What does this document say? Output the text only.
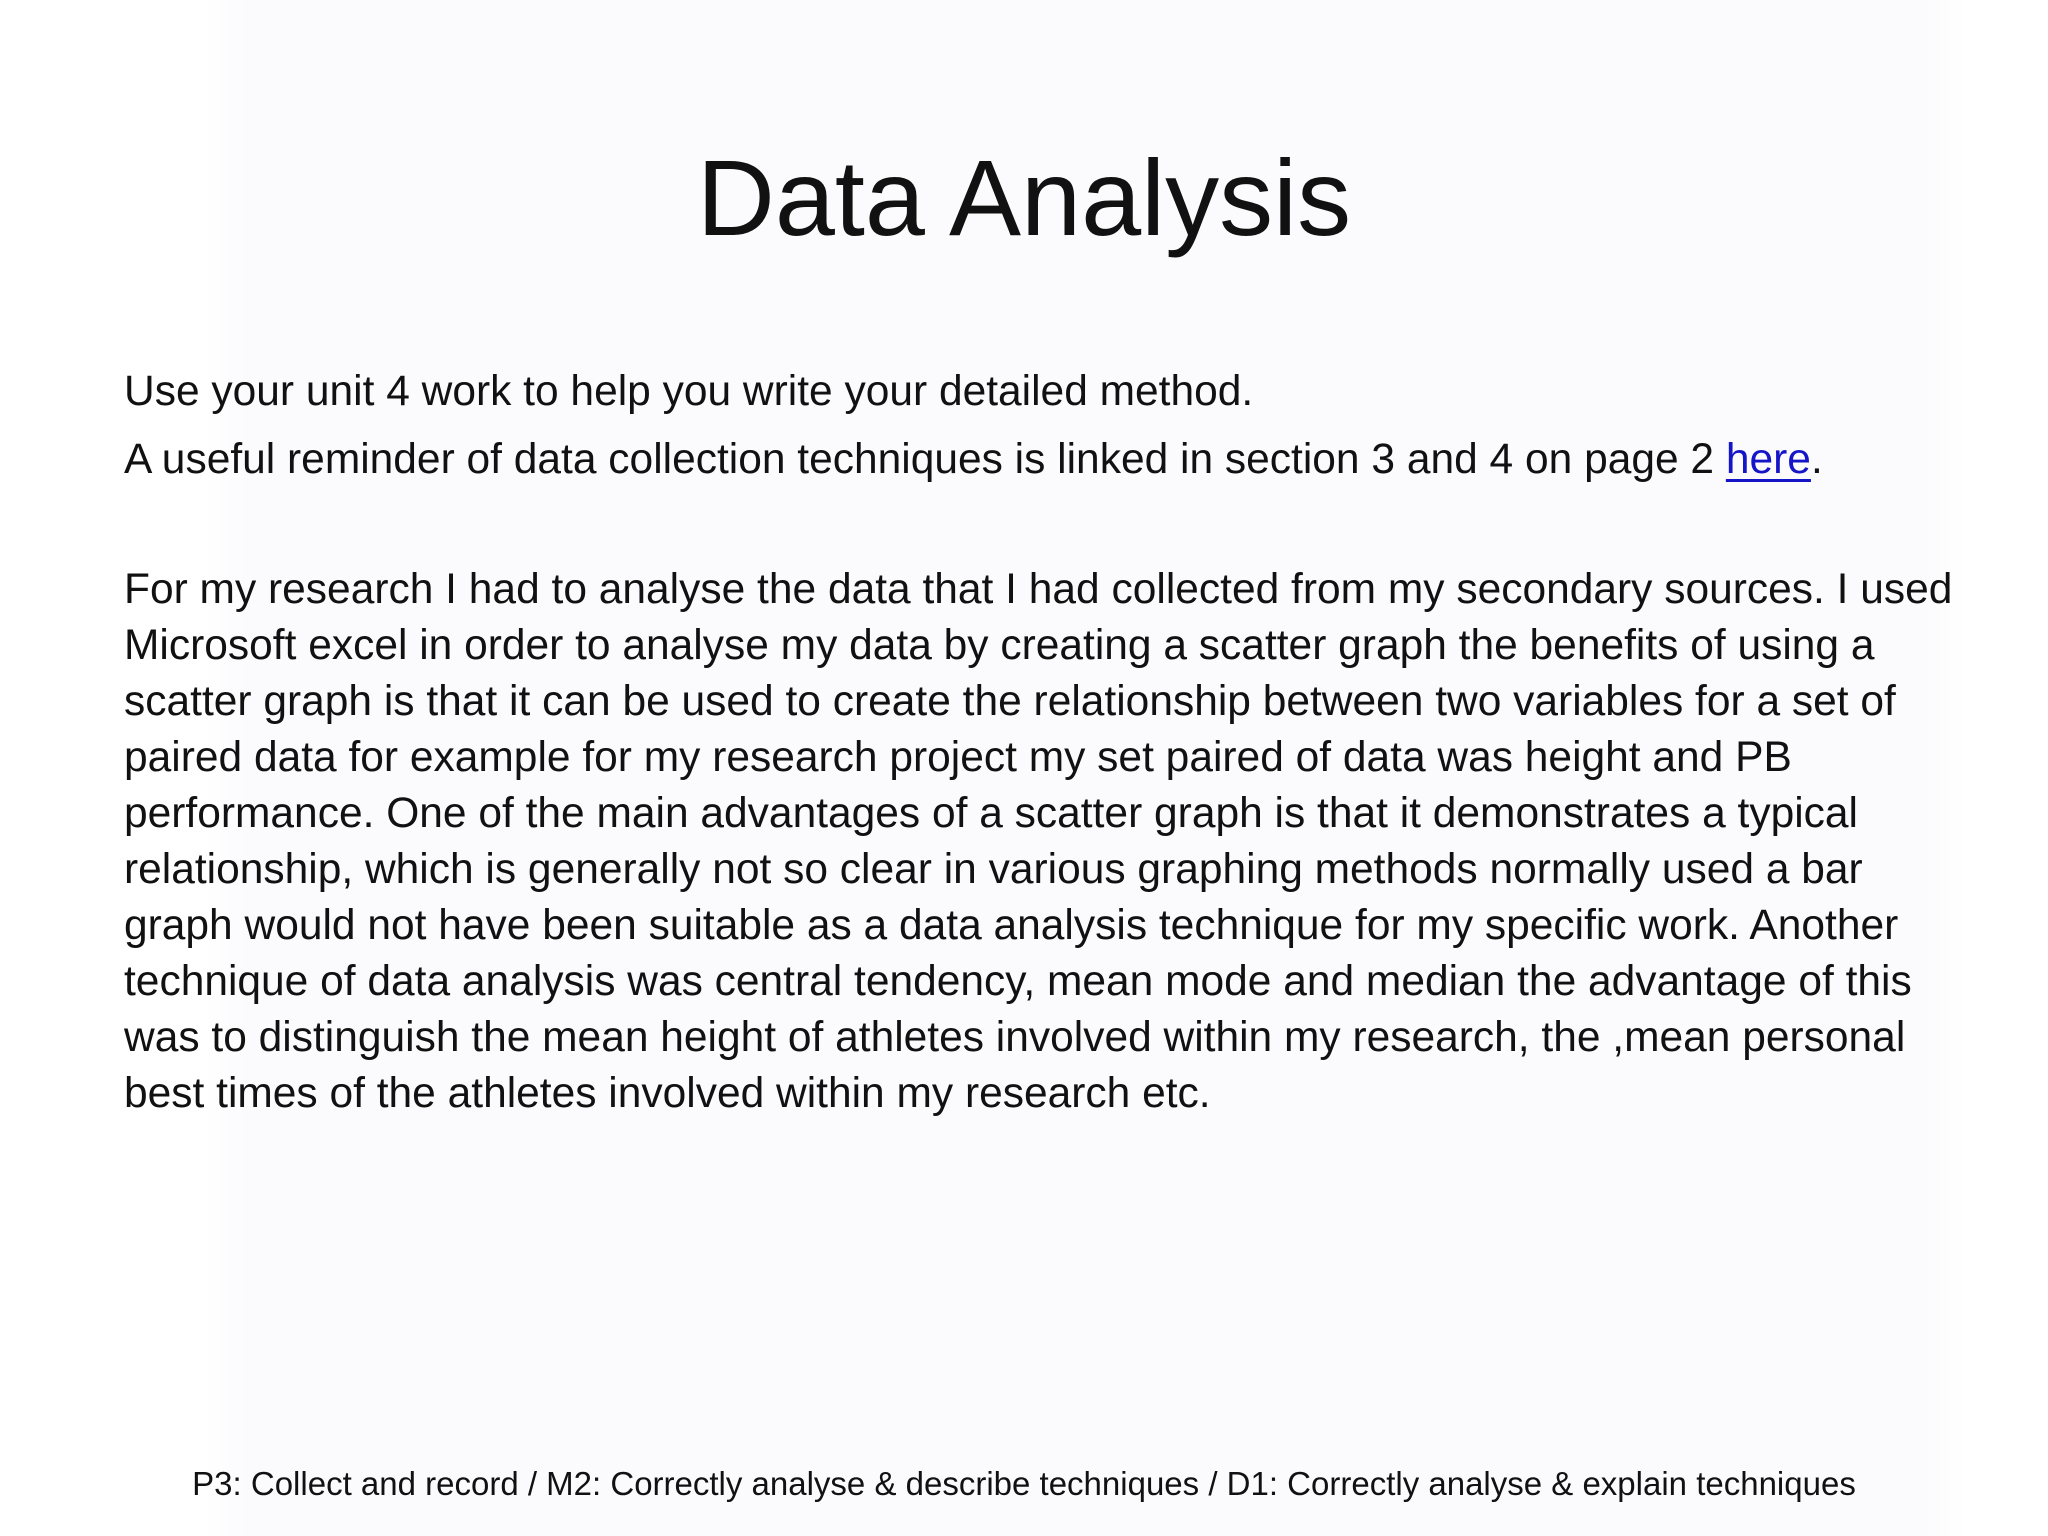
Data Analysis

Use your unit 4 work to help you write your detailed method.

A useful reminder of data collection techniques is linked in section 3 and 4 on page 2 here.

For my research I had to analyse the data that I had collected from my secondary sources. I used Microsoft excel in order to analyse my data by creating a scatter graph the benefits of using a scatter graph is that it can be used to create the relationship between two variables for a set of paired data for example for my research project my set paired of data was height and PB performance. One of the main advantages of a scatter graph is that it demonstrates a typical relationship, which is generally not so clear in various graphing methods normally used a bar graph would not have been suitable as a data analysis technique for my specific work. Another technique of data analysis was central tendency, mean mode and median the advantage of this was to distinguish the mean height of athletes involved within my research, the ,mean personal best times of the athletes involved within my research etc.

P3: Collect and record / M2: Correctly analyse & describe techniques / D1: Correctly analyse & explain techniques
